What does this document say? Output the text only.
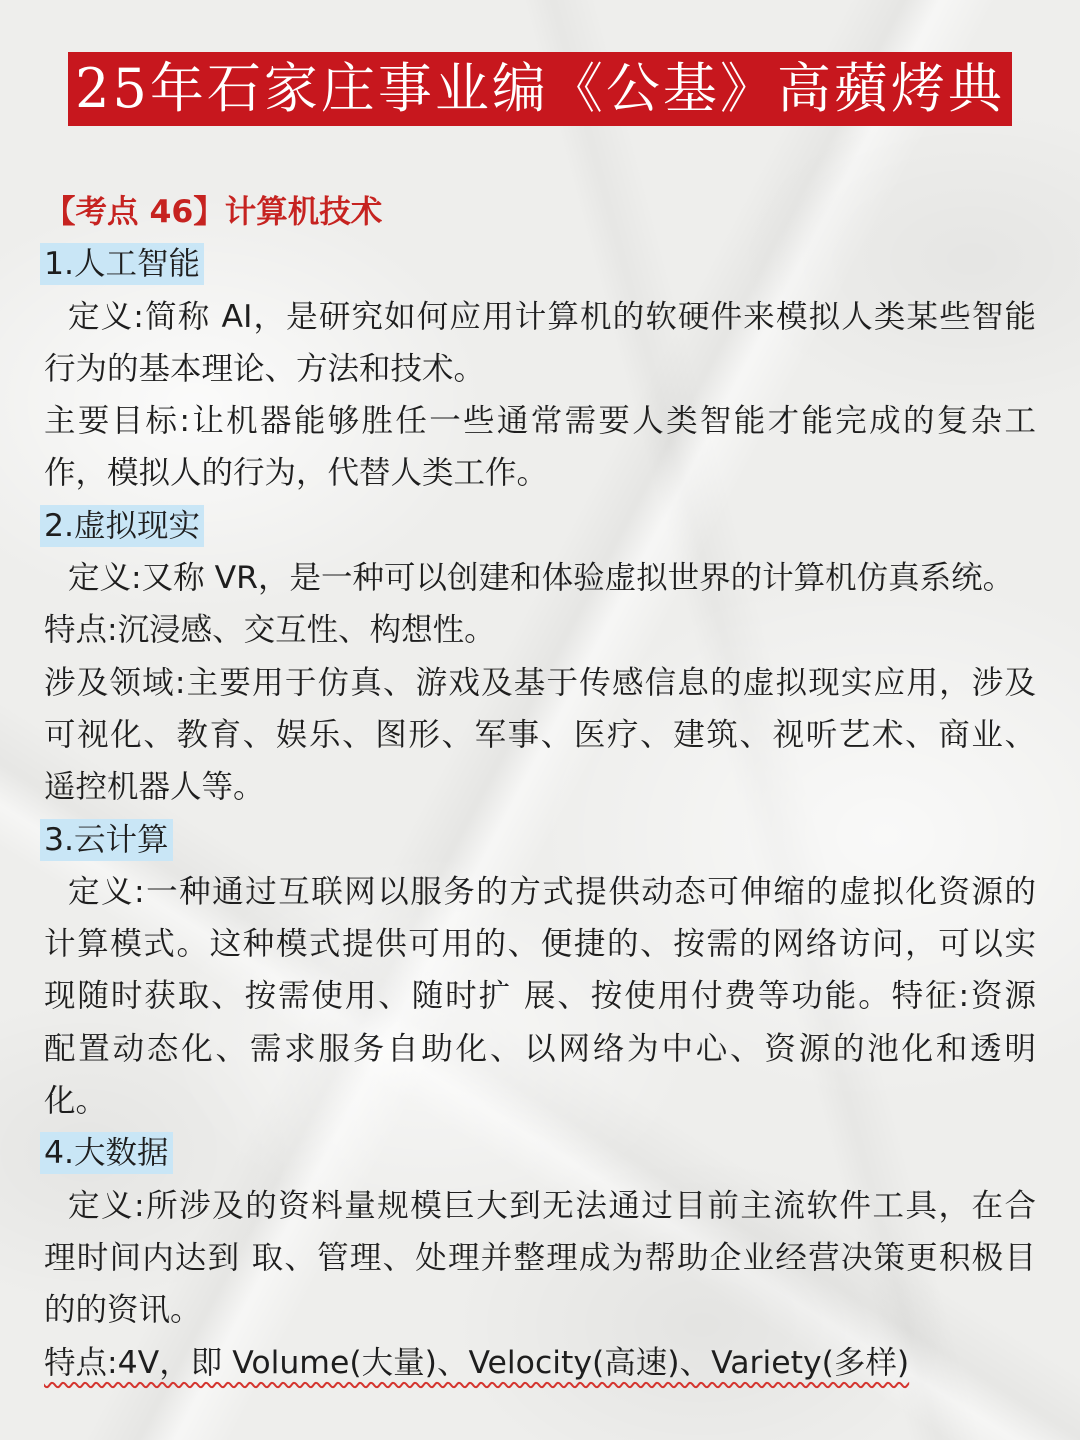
25年石家庄事业编《公基》高蘋烤典
【考点 46】计算机技术
1.人工智能
定义:简称 AI，是研究如何应用计算机的软硬件来模拟人类某些智能
行为的基本理论、方法和技术。
主要目标:让机器能够胜任一些通常需要人类智能才能完成的复杂工
作，模拟人的行为，代替人类工作。
2.虚拟现实
定义:又称 VR，是一种可以创建和体验虚拟世界的计算机仿真系统。
特点:沉浸感、交互性、构想性。
涉及领域:主要用于仿真、游戏及基于传感信息的虚拟现实应用，涉及
可视化、教育、娱乐、图形、军事、医疗、建筑、视听艺术、商业、
遥控机器人等。
3.云计算
定义:一种通过互联网以服务的方式提供动态可伸缩的虚拟化资源的
计算模式。这种模式提供可用的、便捷的、按需的网络访问，可以实
现随时获取、按需使用、随时扩 展、按使用付费等功能。特征:资源
配置动态化、需求服务自助化、以网络为中心、资源的池化和透明
化。
4.大数据
定义:所涉及的资料量规模巨大到无法通过目前主流软件工具，在合
理时间内达到 取、管理、处理并整理成为帮助企业经营决策更积极目
的的资讯。
特点:4V，即 Volume(大量)、Velocity(高速)、Variety(多样)
